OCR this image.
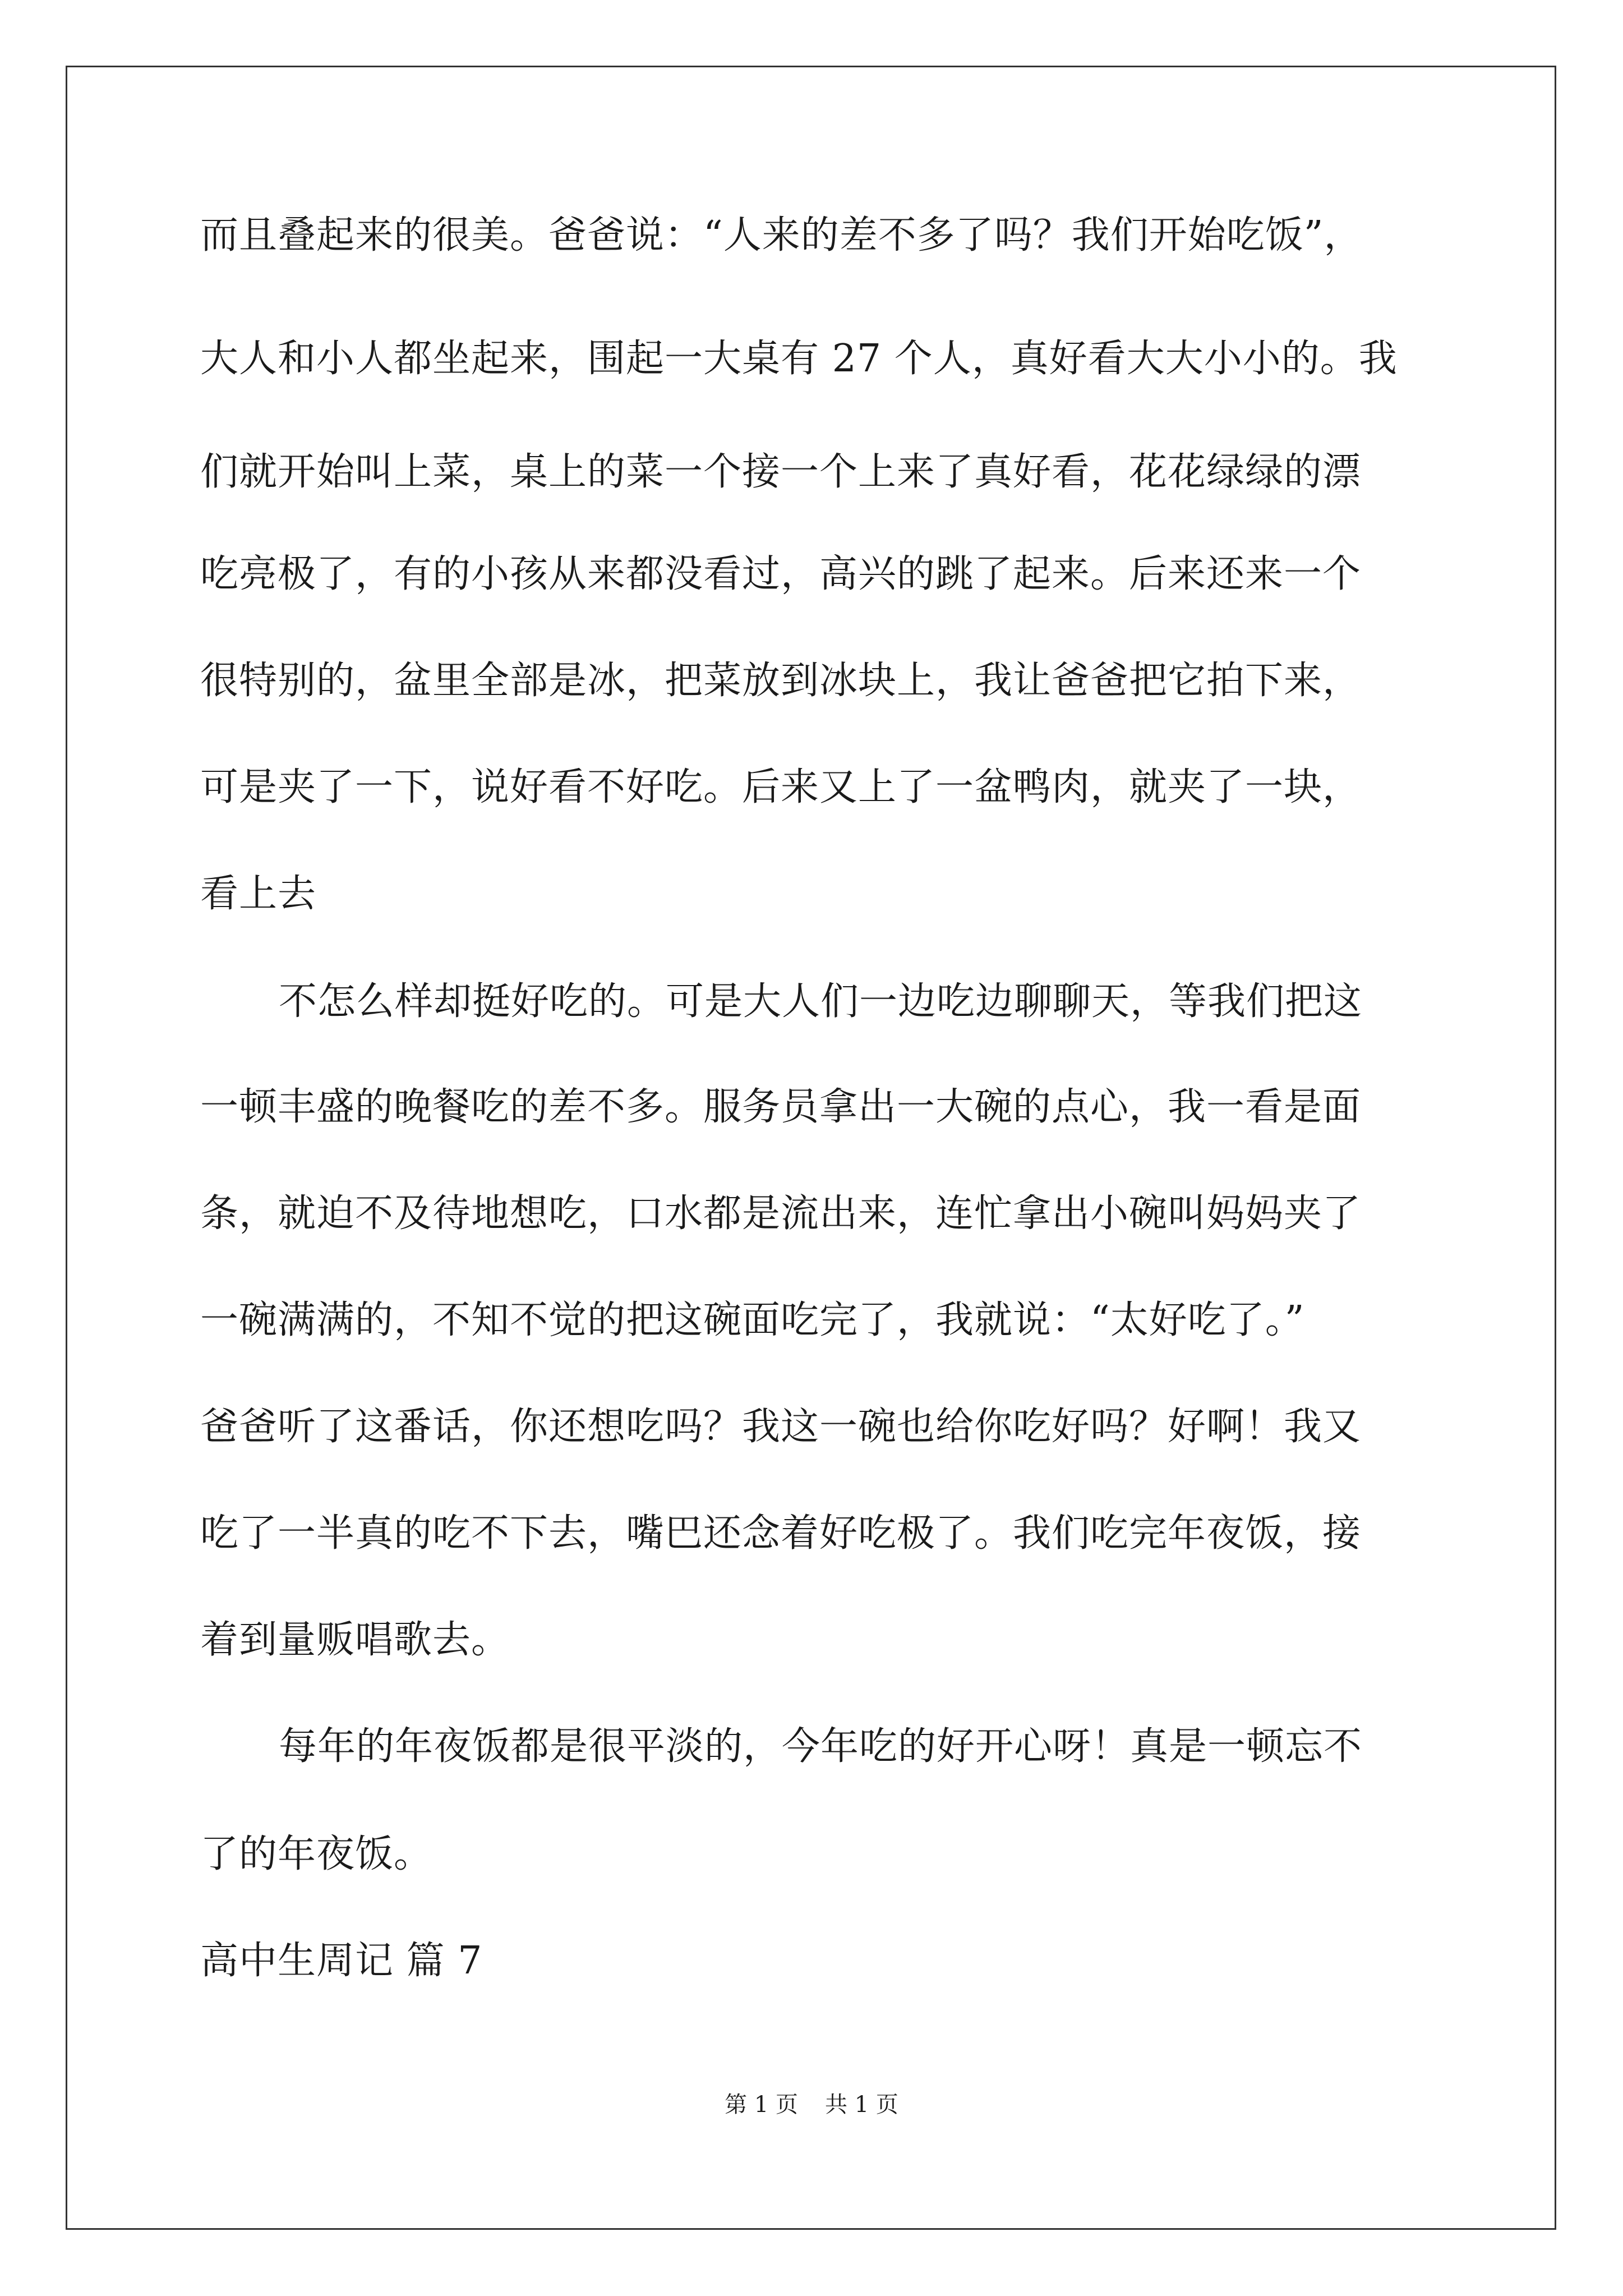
而且叠起来的很美。爸爸说：“人来的差不多了吗？我们开始吃饭”，
大人和小人都坐起来，围起一大桌有 27 个人，真好看大大小小的。我
们就开始叫上菜，桌上的菜一个接一个上来了真好看，花花绿绿的漂
吃亮极了，有的小孩从来都没看过，高兴的跳了起来。后来还来一个
很特别的，盆里全部是冰，把菜放到冰块上，我让爸爸把它拍下来，
可是夹了一下，说好看不好吃。后来又上了一盆鸭肉，就夹了一块，
看上去
不怎么样却挺好吃的。可是大人们一边吃边聊聊天，等我们把这
一顿丰盛的晚餐吃的差不多。服务员拿出一大碗的点心，我一看是面
条，就迫不及待地想吃，口水都是流出来，连忙拿出小碗叫妈妈夹了
一碗满满的，不知不觉的把这碗面吃完了，我就说：“太好吃了。”
爸爸听了这番话，你还想吃吗？我这一碗也给你吃好吗？好啊！我又
吃了一半真的吃不下去，嘴巴还念着好吃极了。我们吃完年夜饭，接
着到量贩唱歌去。
每年的年夜饭都是很平淡的，今年吃的好开心呀！真是一顿忘不
了的年夜饭。
高中生周记 篇 7
第 1 页 共 1 页
